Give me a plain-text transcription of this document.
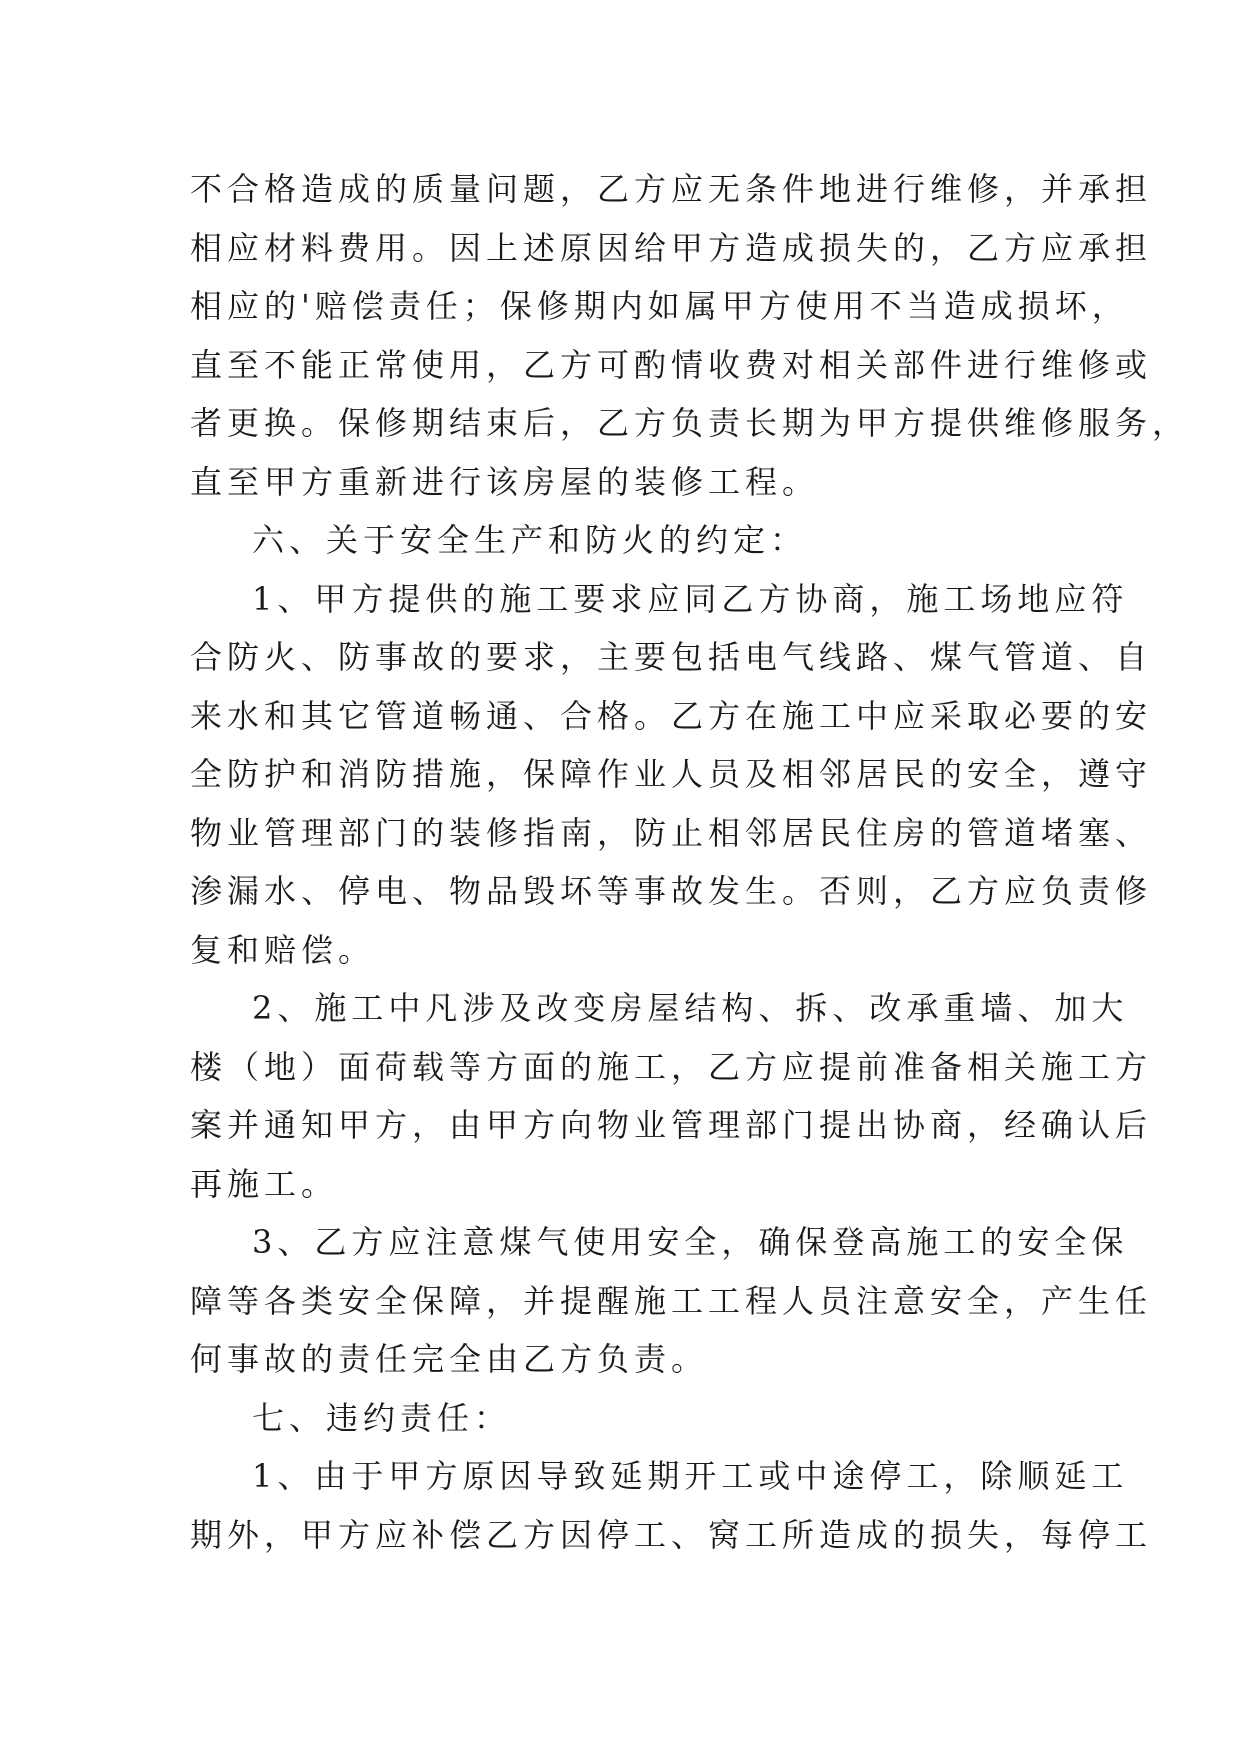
不合格造成的质量问题，乙方应无条件地进行维修，并承担
相应材料费用。因上述原因给甲方造成损失的，乙方应承担
相应的'赔偿责任；保修期内如属甲方使用不当造成损坏，
直至不能正常使用，乙方可酌情收费对相关部件进行维修或
者更换。保修期结束后，乙方负责长期为甲方提供维修服务，
直至甲方重新进行该房屋的装修工程。
六、关于安全生产和防火的约定：
1、甲方提供的施工要求应同乙方协商，施工场地应符
合防火、防事故的要求，主要包括电气线路、煤气管道、自
来水和其它管道畅通、合格。乙方在施工中应采取必要的安
全防护和消防措施，保障作业人员及相邻居民的安全，遵守
物业管理部门的装修指南，防止相邻居民住房的管道堵塞、
渗漏水、停电、物品毁坏等事故发生。否则，乙方应负责修
复和赔偿。
2、施工中凡涉及改变房屋结构、拆、改承重墙、加大
楼（地）面荷载等方面的施工，乙方应提前准备相关施工方
案并通知甲方，由甲方向物业管理部门提出协商，经确认后
再施工。
3、乙方应注意煤气使用安全，确保登高施工的安全保
障等各类安全保障，并提醒施工工程人员注意安全，产生任
何事故的责任完全由乙方负责。
七、违约责任：
1、由于甲方原因导致延期开工或中途停工，除顺延工
期外，甲方应补偿乙方因停工、窝工所造成的损失，每停工
